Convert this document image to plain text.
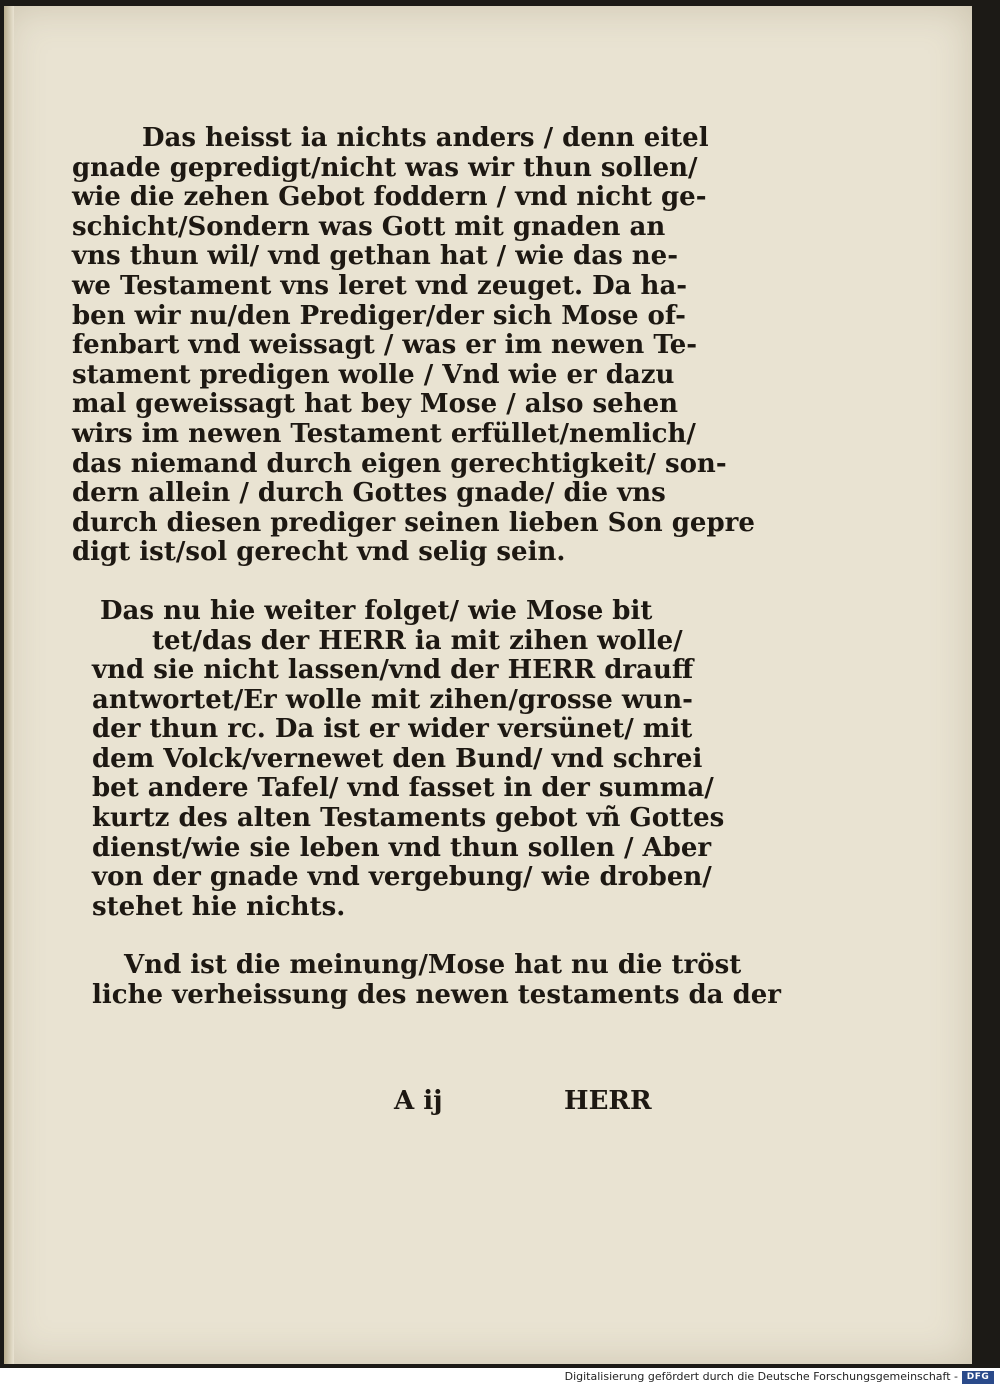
Das heisst ia nichts anders / denn eitel
gnade gepredigt/nicht was wir thun sollen/
wie die zehen Gebot foddern / vnd nicht ge-
schicht/Sondern was Gott mit gnaden an
vns thun wil/ vnd gethan hat / wie das ne-
we Testament vns leret vnd zeuget. Da ha-
ben wir nu/den Prediger/der sich Mose of-
fenbart vnd weissagt / was er im newen Te-
stament predigen wolle / Vnd wie er dazu
mal geweissagt hat bey Mose / also sehen
wirs im newen Testament erfüllet/nemlich/
das niemand durch eigen gerechtigkeit/ son-
dern allein / durch Gottes gnade/ die vns
durch diesen prediger seinen lieben Son gepre
digt ist/sol gerecht vnd selig sein.
Das nu hie weiter folget/ wie Mose bit
tet/das der HERR ia mit zihen wolle/
vnd sie nicht lassen/vnd der HERR drauff
antwortet/Er wolle mit zihen/grosse wun-
der thun rc. Da ist er wider versünet/ mit
dem Volck/vernewet den Bund/ vnd schrei
bet andere Tafel/ vnd fasset in der summa/
kurtz des alten Testaments gebot vñ Gottes
dienst/wie sie leben vnd thun sollen / Aber
von der gnade vnd vergebung/ wie droben/
stehet hie nichts.
Vnd ist die meinung/Mose hat nu die tröst
liche verheissung des newen testaments da der
A ij	HERR
Digitalisierung gefördert durch die Deutsche Forschungsgemeinschaft - DFG
